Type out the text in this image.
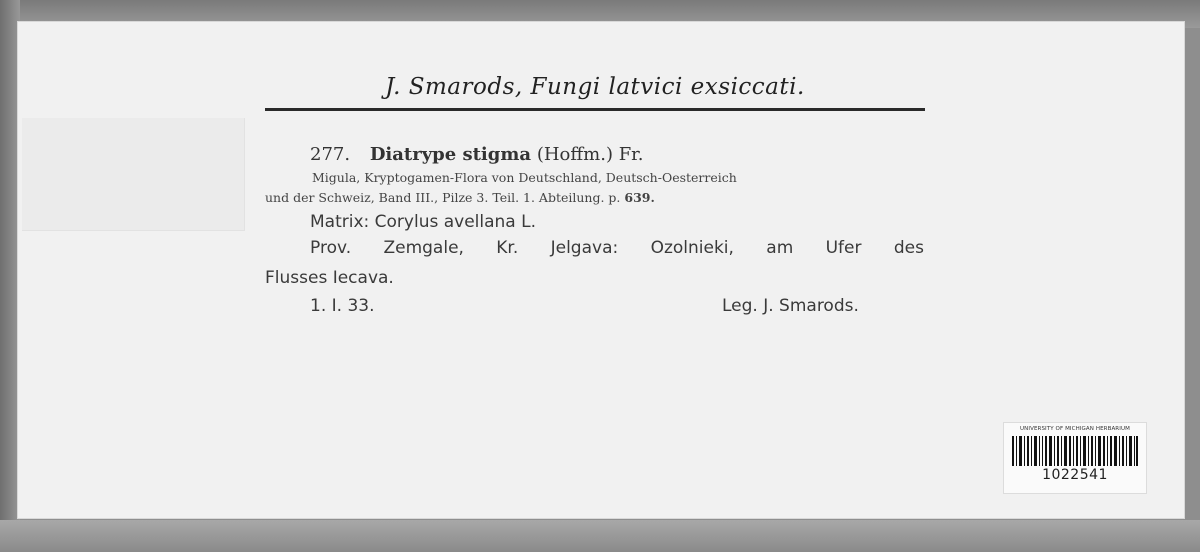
J. Smarods, Fungi latvici exsiccati.
277. Diatrype stigma (Hoffm.) Fr.
Migula, Kryptogamen-Flora von Deutschland, Deutsch-Oesterreich
und der Schweiz, Band III., Pilze 3. Teil. 1. Abteilung. p. 639.
Matrix: Corylus avellana L.
Prov. Zemgale, Kr. Jelgava: Ozolnieki, am Ufer des
Flusses Iecava.
1. I. 33.	Leg. J. Smarods.
UNIVERSITY OF MICHIGAN HERBARIUM
1022541
